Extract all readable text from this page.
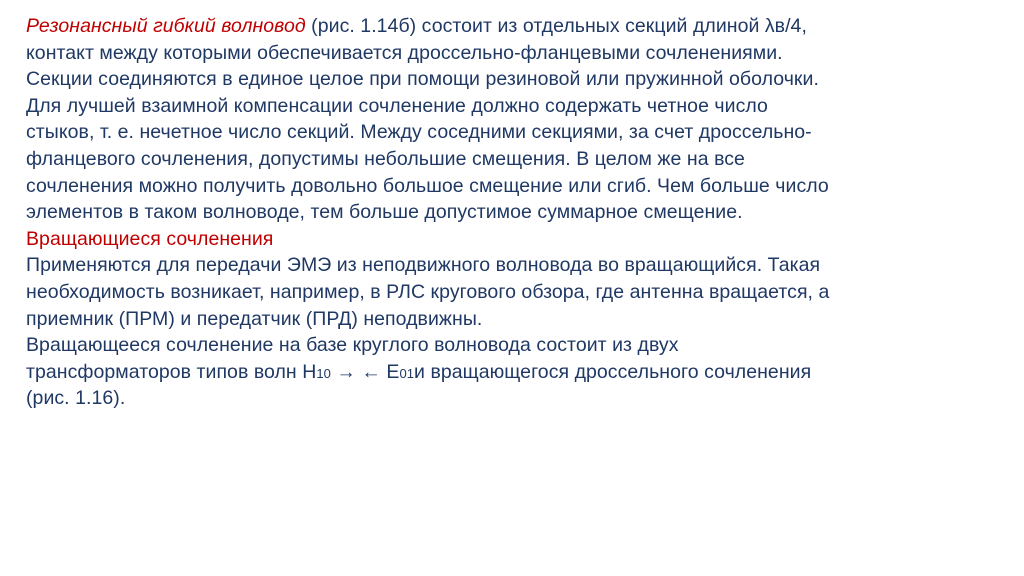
Резонансный гибкий волновод (рис. 1.14б) состоит из отдельных секций длиной λв/4,
контакт между которыми обеспечивается дроссельно-фланцевыми сочленениями.
Секции соединяются в единое целое при помощи резиновой или пружинной оболочки.
Для лучшей взаимной компенсации сочленение должно содержать четное число
стыков, т. е. нечетное число секций. Между соседними секциями, за счет дроссельно-
фланцевого сочленения, допустимы небольшие смещения. В целом же на все
сочленения можно получить довольно большое смещение или сгиб. Чем больше число
элементов в таком волноводе, тем больше допустимое суммарное смещение.
Вращающиеся сочленения
Применяются для передачи ЭМЭ из неподвижного волновода во вращающийся. Такая
необходимость возникает, например, в РЛС кругового обзора, где антенна вращается, а
приемник (ПРМ) и передатчик (ПРД) неподвижны.
Вращающееся сочленение на базе круглого волновода состоит из двух
трансформаторов типов волн Н10 → ← Е01и вращающегося дроссельного сочленения
(рис. 1.16).
